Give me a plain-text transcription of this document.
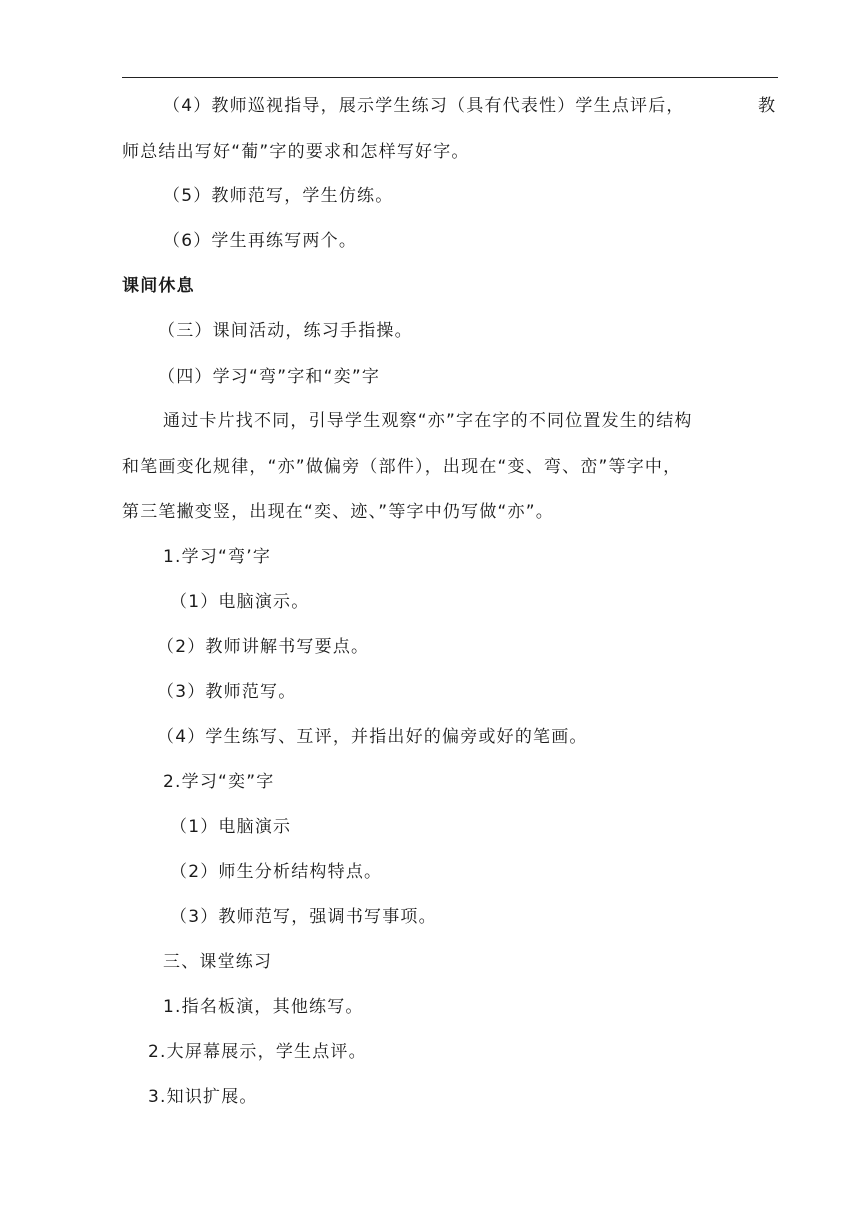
（4）教师巡视指导，展示学生练习（具有代表性）学生点评后，	教
师总结出写好“葡”字的要求和怎样写好字。
（5）教师范写，学生仿练。
（6）学生再练写两个。
课间休息
（三）课间活动，练习手指操。
（四）学习“弯”字和“奕”字
通过卡片找不同，引导学生观察“亦”字在字的不同位置发生的结构
和笔画变化规律，“亦”做偏旁（部件），出现在“变、弯、峦”等字中，
第三笔撇变竖，出现在“奕、迹、”等字中仍写做“亦”。
1.学习“弯’字
（1）电脑演示。
（2）教师讲解书写要点。
（3）教师范写。
（4）学生练写、互评，并指出好的偏旁或好的笔画。
2.学习“奕”字
（1）电脑演示
（2）师生分析结构特点。
（3）教师范写，强调书写事项。
三、课堂练习
1.指名板演，其他练写。
2.大屏幕展示，学生点评。
3.知识扩展。
